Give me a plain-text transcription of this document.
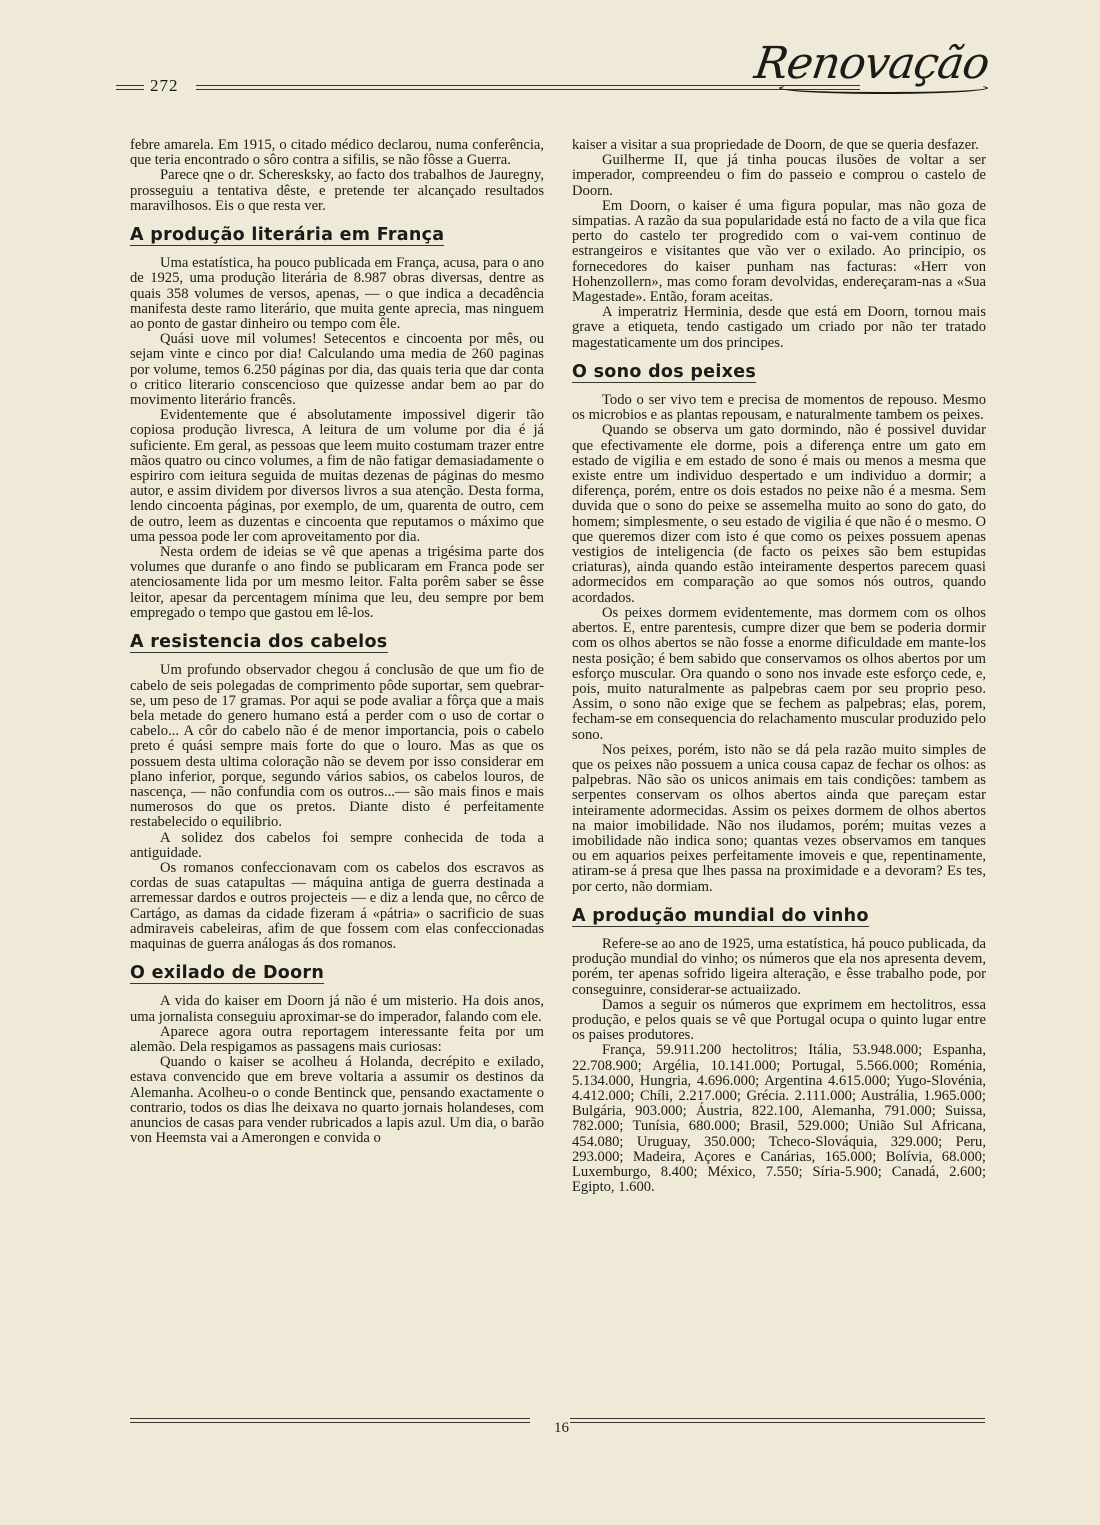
272	Renovação

febre amarela. Em 1915, o citado médico declarou, numa conferência, que teria encontrado o sôro contra a sifilis, se não fôsse a Guerra.

Parece qne o dr. Scheresksky, ao facto dos trabalhos de Jauregny, prosseguiu a tentativa dêste, e pretende ter alcançado resultados maravilhosos. Eis o que resta ver.

A produção literária em França

Uma estatística, ha pouco publicada em França, acusa, para o ano de 1925, uma produção literária de 8.987 obras diversas, dentre as quais 358 volumes de versos, apenas, — o que indica a decadência manifesta deste ramo literário, que muita gente aprecia, mas ninguem ao ponto de gastar dinheiro ou tempo com êle.

Quási uove mil volumes! Setecentos e cincoenta por mês, ou sejam vinte e cinco por dia! Calculando uma media de 260 paginas por volume, temos 6.250 páginas por dia, das quais teria que dar conta o critico literario conscencioso que quizesse andar bem ao par do movimento literário francês.

Evidentemente que é absolutamente impossivel digerir tão copiosa produção livresca, A leitura de um volume por dia é já suficiente. Em geral, as pessoas que leem muito costumam trazer entre mãos quatro ou cinco volumes, a fim de não fatigar demasiadamente o espiriro com ieitura seguida de muitas dezenas de páginas do mesmo autor, e assim dividem por diversos livros a sua atenção. Desta forma, lendo cincoenta páginas, por exemplo, de um, quarenta de outro, cem de outro, leem as duzentas e cincoenta que reputamos o máximo que uma pessoa pode ler com aproveitamento por dia.

Nesta ordem de ideias se vê que apenas a trigésima parte dos volumes que duranfe o ano findo se publicaram em Franca pode ser atenciosamente lida por um mesmo leitor. Falta porêm saber se êsse leitor, apesar da percentagem mínima que leu, deu sempre por bem empregado o tempo que gastou em lê-los.

A resistencia dos cabelos

Um profundo observador chegou á conclusão de que um fio de cabelo de seis polegadas de comprimento pôde suportar, sem quebrar-se, um peso de 17 gramas. Por aqui se pode avaliar a fôrça que a mais bela metade do genero humano está a perder com o uso de cortar o cabelo... A côr do cabelo não é de menor importancia, pois o cabelo preto é quási sempre mais forte do que o louro. Mas as que os possuem desta ultima coloração não se devem por isso considerar em plano inferior, porque, segundo vários sabios, os cabelos louros, de nascença, — não confundia com os outros...— são mais finos e mais numerosos do que os pretos. Diante disto é perfeitamente restabelecido o equilibrio.

A solidez dos cabelos foi sempre conhecida de toda a antiguidade.

Os romanos confeccionavam com os cabelos dos escravos as cordas de suas catapultas — máquina antiga de guerra destinada a arremessar dardos e outros projecteis — e diz a lenda que, no cêrco de Cartágo, as damas da cidade fizeram á «pátria» o sacrificio de suas admiraveis cabeleiras, afim de que fossem com elas confeccionadas maquinas de guerra análogas ás dos romanos.

O exilado de Doorn

A vida do kaiser em Doorn já não é um misterio. Ha dois anos, uma jornalista conseguiu aproximar-se do imperador, falando com ele.

Aparece agora outra reportagem interessante feita por um alemão. Dela respigamos as passagens mais curiosas:

Quando o kaiser se acolheu á Holanda, decrépito e exilado, estava convencido que em breve voltaria a assumir os destinos da Alemanha. Acolheu-o o conde Bentinck que, pensando exactamente o contrario, todos os dias lhe deixava no quarto jornais holandeses, com anuncios de casas para vender rubricados a lapis azul. Um dia, o barão von Heemsta vai a Amerongen e convida o

kaiser a visitar a sua propriedade de Doorn, de que se queria desfazer.

Guilherme II, que já tinha poucas ilusões de voltar a ser imperador, compreendeu o fim do passeio e comprou o castelo de Doorn.

Em Doorn, o kaiser é uma figura popular, mas não goza de simpatias. A razão da sua popularidade está no facto de a vila que fica perto do castelo ter progredido com o vai-vem continuo de estrangeiros e visitantes que vão ver o exilado. Ao principio, os fornecedores do kaiser punham nas facturas: «Herr von Hohenzollern», mas como foram devolvidas, endereçaram-nas a «Sua Magestade». Então, foram aceitas.

A imperatriz Herminia, desde que está em Doorn, tornou mais grave a etiqueta, tendo castigado um criado por não ter tratado magestaticamente um dos principes.

O sono dos peixes

Todo o ser vivo tem e precisa de momentos de repouso. Mesmo os microbios e as plantas repousam, e naturalmente tambem os peixes.

Quando se observa um gato dormindo, não é possivel duvidar que efectivamente ele dorme, pois a diferença entre um gato em estado de vigilia e em estado de sono é mais ou menos a mesma que existe entre um individuo despertado e um individuo a dormir; a diferença, porém, entre os dois estados no peixe não é a mesma. Sem duvida que o sono do peixe se assemelha muito ao sono do gato, do homem; simplesmente, o seu estado de vigilia é que não é o mesmo. O que queremos dizer com isto é que como os peixes possuem apenas vestigios de inteligencia (de facto os peixes são bem estupidas criaturas), ainda quando estão inteiramente despertos parecem quasi adormecidos em comparação ao que somos nós outros, quando acordados.

Os peixes dormem evidentemente, mas dormem com os olhos abertos. E, entre parentesis, cumpre dizer que bem se poderia dormir com os olhos abertos se não fosse a enorme dificuldade em mante-los nesta posição; é bem sabido que conservamos os olhos abertos por um esforço muscular. Ora quando o sono nos invade este esforço cede, e, pois, muito naturalmente as palpebras caem por seu proprio peso. Assim, o sono não exige que se fechem as palpebras; elas, porem, fecham-se em consequencia do relachamento muscular produzido pelo sono.

Nos peixes, porém, isto não se dá pela razão muito simples de que os peixes não possuem a unica cousa capaz de fechar os olhos: as palpebras. Não são os unicos animais em tais condições: tambem as serpentes conservam os olhos abertos ainda que pareçam estar inteiramente adormecidas. Assim os peixes dormem de olhos abertos na maior imobilidade. Não nos iludamos, porém; muitas vezes a imobilidade não indica sono; quantas vezes observamos em tanques ou em aquarios peixes perfeitamente imoveis e que, repentinamente, atiram-se á presa que lhes passa na proximidade e a devoram? Es tes, por certo, não dormiam.

A produção mundial do vinho

Refere-se ao ano de 1925, uma estatística, há pouco publicada, da produção mundial do vinho; os números que ela nos apresenta devem, porém, ter apenas sofrido ligeira alteração, e êsse trabalho pode, por conseguinre, considerar-se actuaiizado.

Damos a seguir os números que exprimem em hectolitros, essa produção, e pelos quais se vê que Portugal ocupa o quinto lugar entre os paises produtores.

França, 59.911.200 hectolitros; Itália, 53.948.000; Espanha, 22.708.900; Argélia, 10.141.000; Portugal, 5.566.000; Roménia, 5.134.000, Hungria, 4.696.000; Argentina 4.615.000; Yugo-Slovénia, 4.412.000; Chíli, 2.217.000; Grécia. 2.111.000; Austrália, 1.965.000; Bulgária, 903.000; Áustria, 822.100, Alemanha, 791.000; Suissa, 782.000; Tunísia, 680.000; Brasil, 529.000; União Sul Africana, 454.080; Uruguay, 350.000; Tcheco-Slováquia, 329.000; Peru, 293.000; Madeira, Açores e Canárias, 165.000; Bolívia, 68.000; Luxemburgo, 8.400; México, 7.550; Síria-5.900; Canadá, 2.600; Egipto, 1.600.

16
